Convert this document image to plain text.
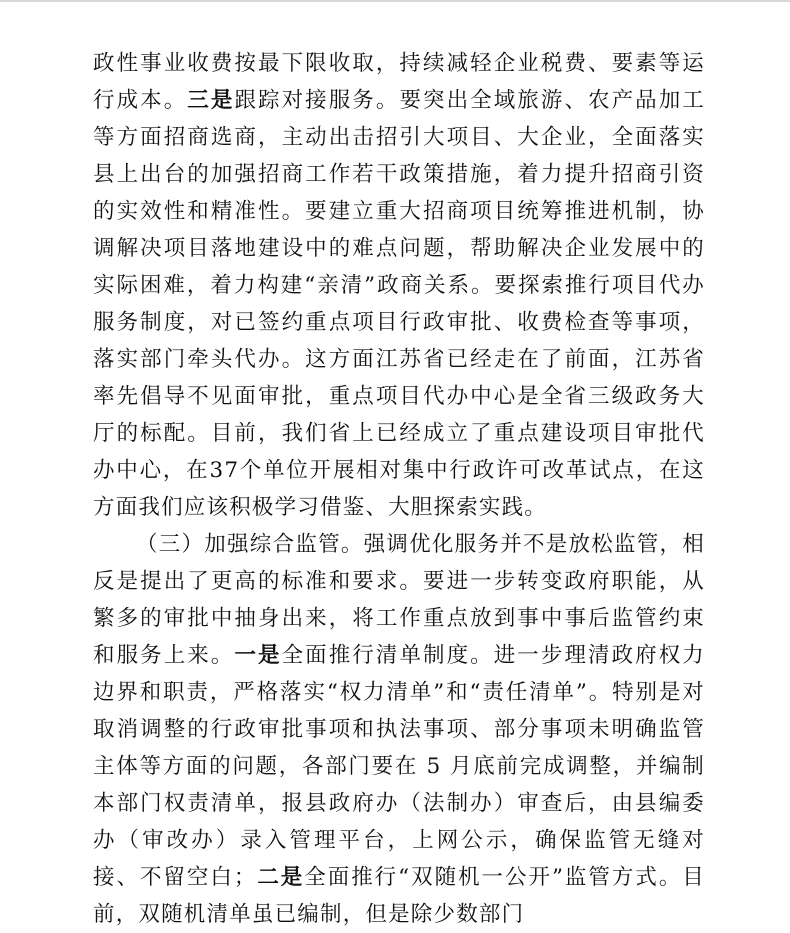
政性事业收费按最下限收取，持续减轻企业税费、要素等运行成本。三是跟踪对接服务。要突出全域旅游、农产品加工等方面招商选商，主动出击招引大项目、大企业，全面落实县上出台的加强招商工作若干政策措施，着力提升招商引资的实效性和精准性。要建立重大招商项目统筹推进机制，协调解决项目落地建设中的难点问题，帮助解决企业发展中的实际困难，着力构建“亲清”政商关系。要探索推行项目代办服务制度，对已签约重点项目行政审批、收费检查等事项，落实部门牵头代办。这方面江苏省已经走在了前面，江苏省率先倡导不见面审批，重点项目代办中心是全省三级政务大厅的标配。目前，我们省上已经成立了重点建设项目审批代办中心，在37个单位开展相对集中行政许可改革试点，在这方面我们应该积极学习借鉴、大胆探索实践。

（三）加强综合监管。强调优化服务并不是放松监管，相反是提出了更高的标准和要求。要进一步转变政府职能，从繁多的审批中抽身出来，将工作重点放到事中事后监管约束和服务上来。一是全面推行清单制度。进一步理清政府权力边界和职责，严格落实“权力清单”和“责任清单”。特别是对取消调整的行政审批事项和执法事项、部分事项未明确监管主体等方面的问题，各部门要在 5 月底前完成调整，并编制本部门权责清单，报县政府办（法制办）审查后，由县编委办（审改办）录入管理平台，上网公示，确保监管无缝对接、不留空白；二是全面推行“双随机一公开”监管方式。目前，双随机清单虽已编制，但是除少数部门
